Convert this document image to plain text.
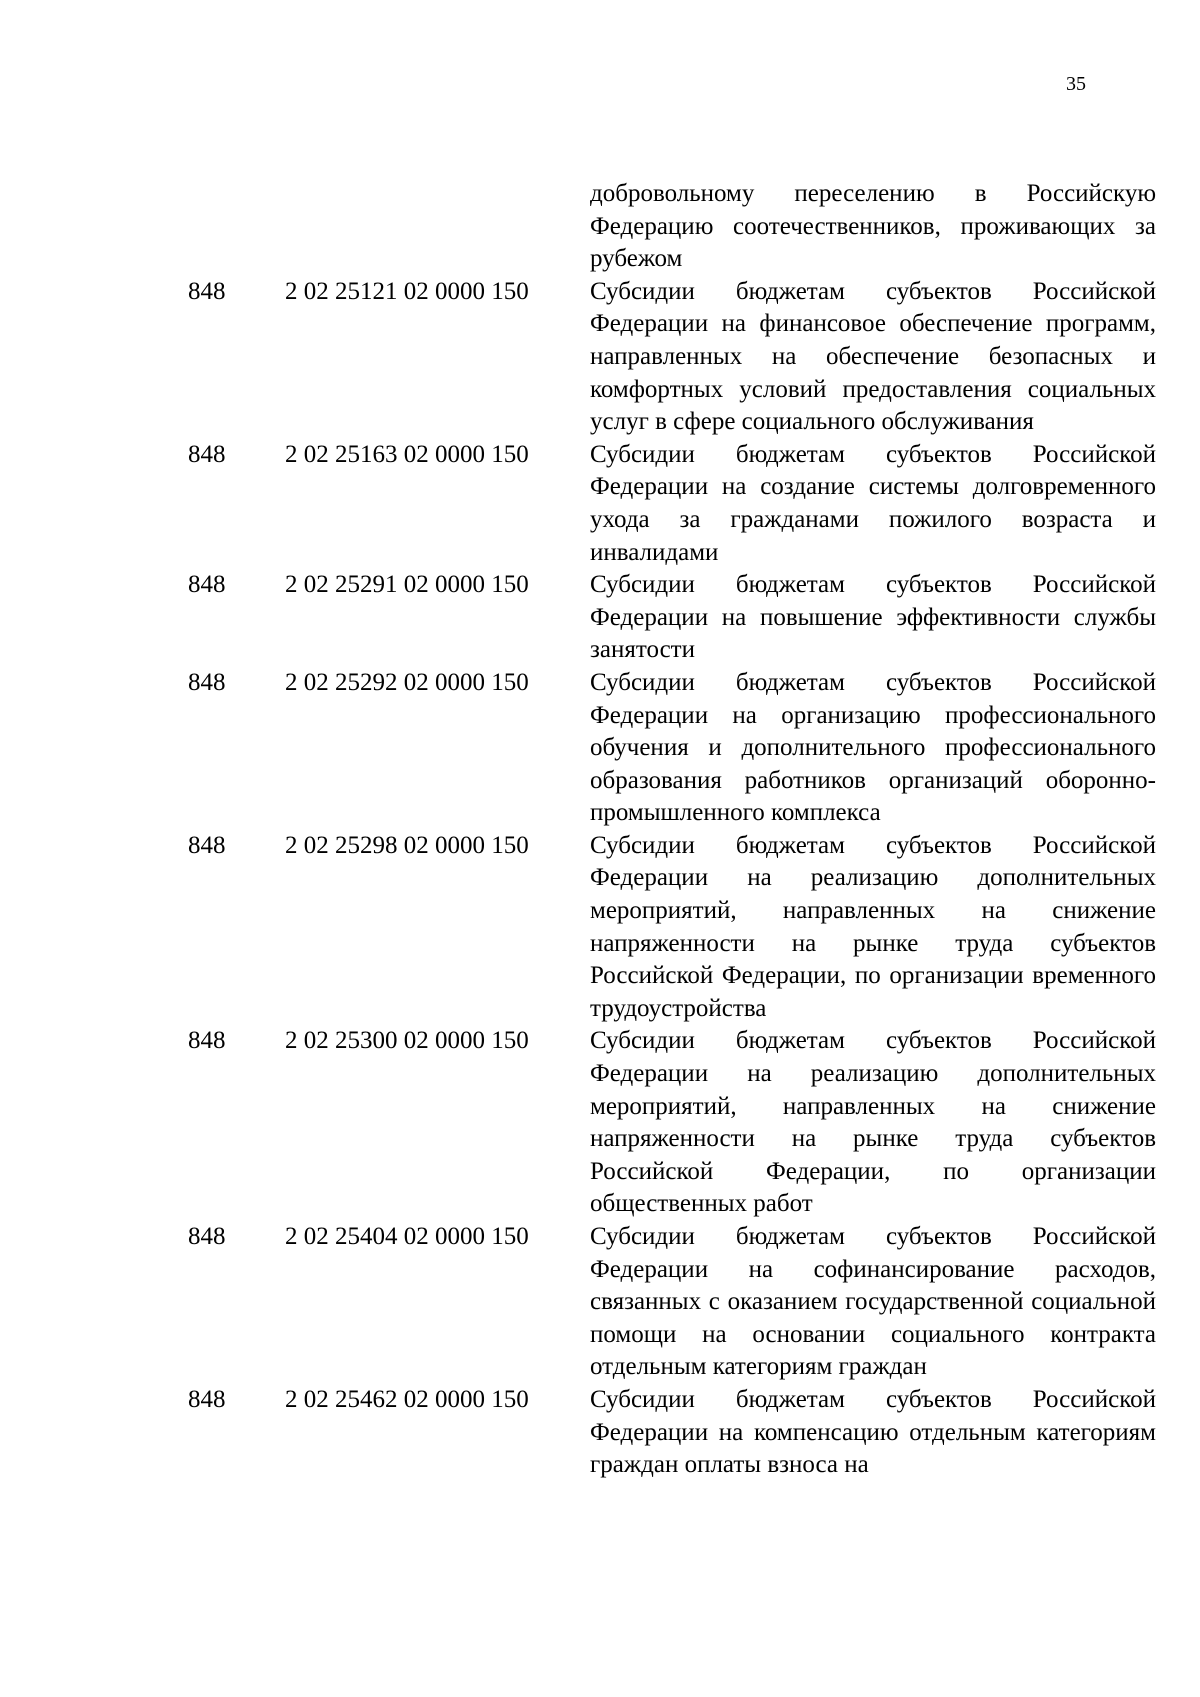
35
добровольному переселению в Российскую Федерацию соотечественников, проживающих за рубежом
848	2 02 25121 02 0000 150	Субсидии бюджетам субъектов Российской Федерации на финансовое обеспечение программ, направленных на обеспечение безопасных и комфортных условий предоставления социальных услуг в сфере социального обслуживания
848	2 02 25163 02 0000 150	Субсидии бюджетам субъектов Российской Федерации на создание системы долговременного ухода за гражданами пожилого возраста и инвалидами
848	2 02 25291 02 0000 150	Субсидии бюджетам субъектов Российской Федерации на повышение эффективности службы занятости
848	2 02 25292 02 0000 150	Субсидии бюджетам субъектов Российской Федерации на организацию профессионального обучения и дополнительного профессионального образования работников организаций оборонно-промышленного комплекса
848	2 02 25298 02 0000 150	Субсидии бюджетам субъектов Российской Федерации на реализацию дополнительных мероприятий, направленных на снижение напряженности на рынке труда субъектов Российской Федерации, по организации временного трудоустройства
848	2 02 25300 02 0000 150	Субсидии бюджетам субъектов Российской Федерации на реализацию дополнительных мероприятий, направленных на снижение напряженности на рынке труда субъектов Российской Федерации, по организации общественных работ
848	2 02 25404 02 0000 150	Субсидии бюджетам субъектов Российской Федерации на софинансирование расходов, связанных с оказанием государственной социальной помощи на основании социального контракта отдельным категориям граждан
848	2 02 25462 02 0000 150	Субсидии бюджетам субъектов Российской Федерации на компенсацию отдельным категориям граждан оплаты взноса на
